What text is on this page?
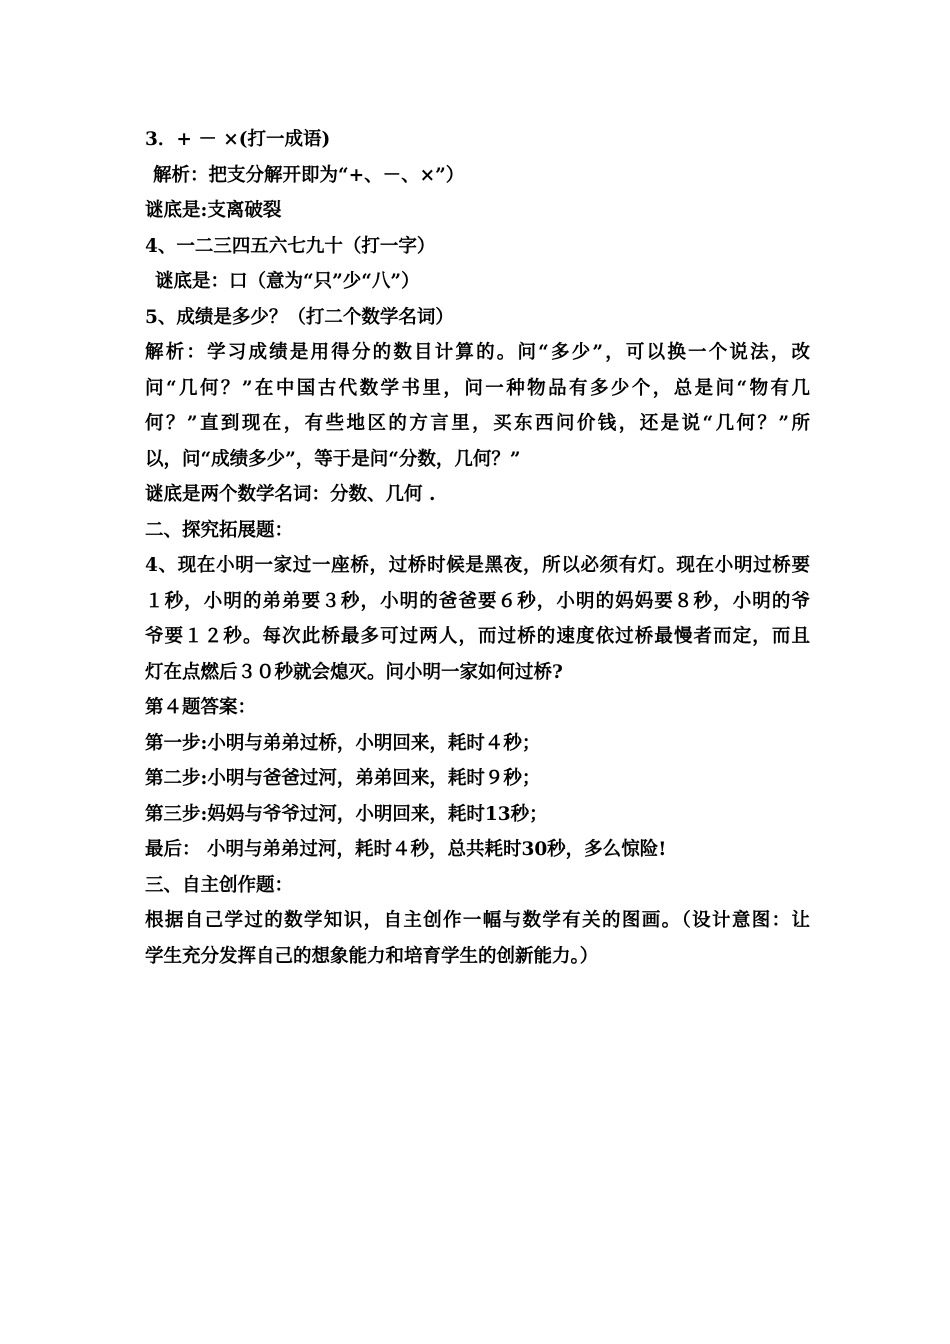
3．+ － ×(打一成语)
解析：把支分解开即为“+、－、×”）
谜底是:支离破裂
4、一二三四五六七九十（打一字）
谜底是：口（意为“只”少“八”）
5、成绩是多少？（打二个数学名词）
解析：学习成绩是用得分的数目计算的。问“多少”，可以换一个说法，改
问“几何？”在中国古代数学书里，问一种物品有多少个，总是问“物有几
何？”直到现在，有些地区的方言里，买东西问价钱，还是说“几何？”所
以，问“成绩多少”，等于是问“分数，几何？”
谜底是两个数学名词：分数、几何 .
二、探究拓展题：
4、现在小明一家过一座桥，过桥时候是黑夜，所以必须有灯。现在小明过桥要
１秒，小明的弟弟要３秒，小明的爸爸要６秒，小明的妈妈要８秒，小明的爷
爷要１２秒。每次此桥最多可过两人，而过桥的速度依过桥最慢者而定，而且
灯在点燃后３０秒就会熄灭。问小明一家如何过桥?
第４题答案：
第一步:小明与弟弟过桥，小明回来，耗时４秒；
第二步:小明与爸爸过河，弟弟回来，耗时９秒；
第三步:妈妈与爷爷过河，小明回来，耗时13秒；
最后： 小明与弟弟过河，耗时４秒，总共耗时30秒，多么惊险!
三、自主创作题：
根据自己学过的数学知识，自主创作一幅与数学有关的图画。（设计意图：让
学生充分发挥自己的想象能力和培育学生的创新能力。）
